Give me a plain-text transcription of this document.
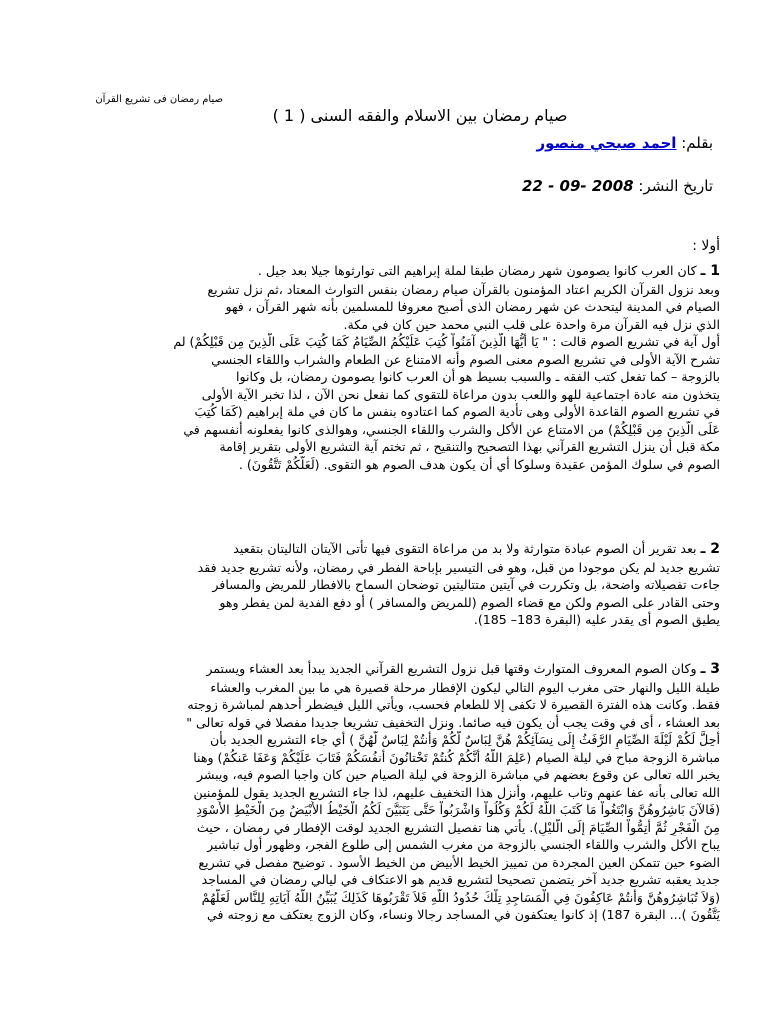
صيام رمضان فى تشريع القرآن
صيام رمضان بين الاسلام والفقه السنى ( 1 )
بقلم: احمد صبحي منصور
تاريخ النشر: 2008 -09 - 22
أولا :
1 ـ كان العرب كانوا يصومون شهر رمضان طبقا لملة إبراهيم التى توارثوها جيلا بعد جيل .
وبعد نزول القرآن الكريم اعتاد المؤمنون بالقرآن صيام رمضان بنفس التوارث المعتاد ،ثم نزل تشريع
الصيام في المدينة ليتحدث عن شهر رمضان الذى أصبح معروفا للمسلمين بأنه شهر القرآن ، فهو
الذي نزل فيه القرآن مرة واحدة على قلب النبي محمد حين كان في مكة.
أول آية في تشريع الصوم قالت : " يَا أَيُّهَا الَّذِينَ آمَنُواْ كُتِبَ عَلَيْكُمُ الصِّيَامُ كَمَا كُتِبَ عَلَى الَّذِينَ مِن قَبْلِكُمْ) لم
تشرح الآية الأولى في تشريع الصوم معنى الصوم وأنه الامتناع عن الطعام والشراب واللقاء الجنسي
بالزوجة – كما تفعل كتب الفقه ـ والسبب بسيط هو أن العرب كانوا يصومون رمضان، بل وكانوا
يتخذون منه عادة اجتماعية للهو واللعب بدون مراعاة للتقوى كما نفعل نحن الآن ، لذا تخبر الآية الأولى
في تشريع الصوم القاعدة الأولى وهى تأدية الصوم كما اعتادوه بنفس ما كان في ملة إبراهيم (كَمَا كُتِبَ
عَلَى الَّذِينَ مِن قَبْلِكُمْ) من الامتناع عن الأكل والشرب واللقاء الجنسي، وهوالذى كانوا يفعلونه أنفسهم في
مكة قبل أن ينزل التشريع القرآني بهذا التصحيح والتنقيح ، ثم تختم آية التشريع الأولى بتقرير إقامة
الصوم في سلوك المؤمن عقيدة وسلوكا أي أن يكون هدف الصوم هو التقوى. (لَعَلَّكُمْ تَتَّقُونَ) .
2 ـ بعد تقرير أن الصوم عبادة متوارثة ولا بد من مراعاة التقوى فيها تأتى الآيتان التاليتان بتقعيد
تشريع جديد لم يكن موجودا من قبل، وهو فى التيسير بإباحة الفطر في رمضان، ولأنه تشريع جديد فقد
جاءت تفصيلاته واضحة، بل وتكررت في آيتين متتاليتين توضحان السماح بالافطار للمريض والمسافر
وحتى القادر على الصوم ولكن مع قضاء الصوم (للمريض والمسافر ) أو دفع الفدية لمن يفطر وهو
يطيق الصوم أى يقدر عليه (البقرة 183– 185).
3 ـ وكان الصوم المعروف المتوارث وقتها قبل نزول التشريع القرآني الجديد يبدأ بعد العشاء ويستمر
طيلة الليل والنهار حتى مغرب اليوم التالي ليكون الإفطار مرحلة قصيرة هي ما بين المغرب والعشاء
فقط. وكانت هذه الفترة القصيرة لا تكفى إلا للطعام فحسب، ويأتي الليل فيضطر أحدهم لمباشرة زوجته
بعد العشاء ، أى في وقت يجب أن يكون فيه صائما. ونزل التخفيف تشريعا جديدا مفصلا في قوله تعالى "
أُحِلَّ لَكُمْ لَيْلَةَ الصِّيَامِ الرَّفَثُ إِلَى نِسَآئِكُمْ هُنَّ لِبَاسٌ لَّكُمْ وَأَنتُمْ لِبَاسٌ لَّهُنَّ ) أي جاء التشريع الجديد بأن
مباشرة الزوجة مباح في ليلة الصيام (عَلِمَ اللّهُ أَنَّكُمْ كُنتُمْ تَخْتانُونَ أَنفُسَكُمْ فَتَابَ عَلَيْكُمْ وَعَفَا عَنكُمْ) وهنا
يخبر الله تعالى عن وقوع بعضهم في مباشرة الزوجة في ليلة الصيام حين كان واجبا الصوم فيه، ويبشر
الله تعالى بأنه عفا عنهم وتاب عليهم، وأنزل هذا التخفيف عليهم، لذا جاء التشريع الجديد يقول للمؤمنين
(فَالآنَ بَاشِرُوهُنَّ وَابْتَغُواْ مَا كَتَبَ اللّهُ لَكُمْ وَكُلُواْ وَاشْرَبُواْ حَتَّى يَتَبَيَّنَ لَكُمُ الْخَيْطُ الأَبْيَضُ مِنَ الْخَيْطِ الأَسْوَدِ
مِنَ الْفَجْرِ ثُمَّ أَتِمُّواْ الصِّيَامَ إِلَى الَّليْلِ). يأتي هنا تفصيل التشريع الجديد لوقت الإفطار في رمضان ، حيث
يباح الأكل والشرب واللقاء الجنسي بالزوجة من مغرب الشمس إلى طلوع الفجر، وظهور أول تباشير
الضوء حين تتمكن العين المجردة من تمييز الخيط الأبيض من الخيط الأسود . توضيح مفصل في تشريع
جديد يعقبه تشريع جديد آخر يتضمن تصحيحا لتشريع قديم هو الاعتكاف في ليالي رمضان في المساجد
(وَلاَ تُبَاشِرُوهُنَّ وَأَنتُمْ عَاكِفُونَ فِي الْمَسَاجِدِ تِلْكَ حُدُودُ اللّهِ فَلاَ تَقْرَبُوهَا كَذَلِكَ يُبَيِّنُ اللّهُ آيَاتِهِ لِلنَّاسِ لَعَلَّهُمْ
يَتَّقُونَ )... البقرة 187) إذ كانوا يعتكفون في المساجد رجالا ونساء، وكان الزوج يعتكف مع زوجته في
